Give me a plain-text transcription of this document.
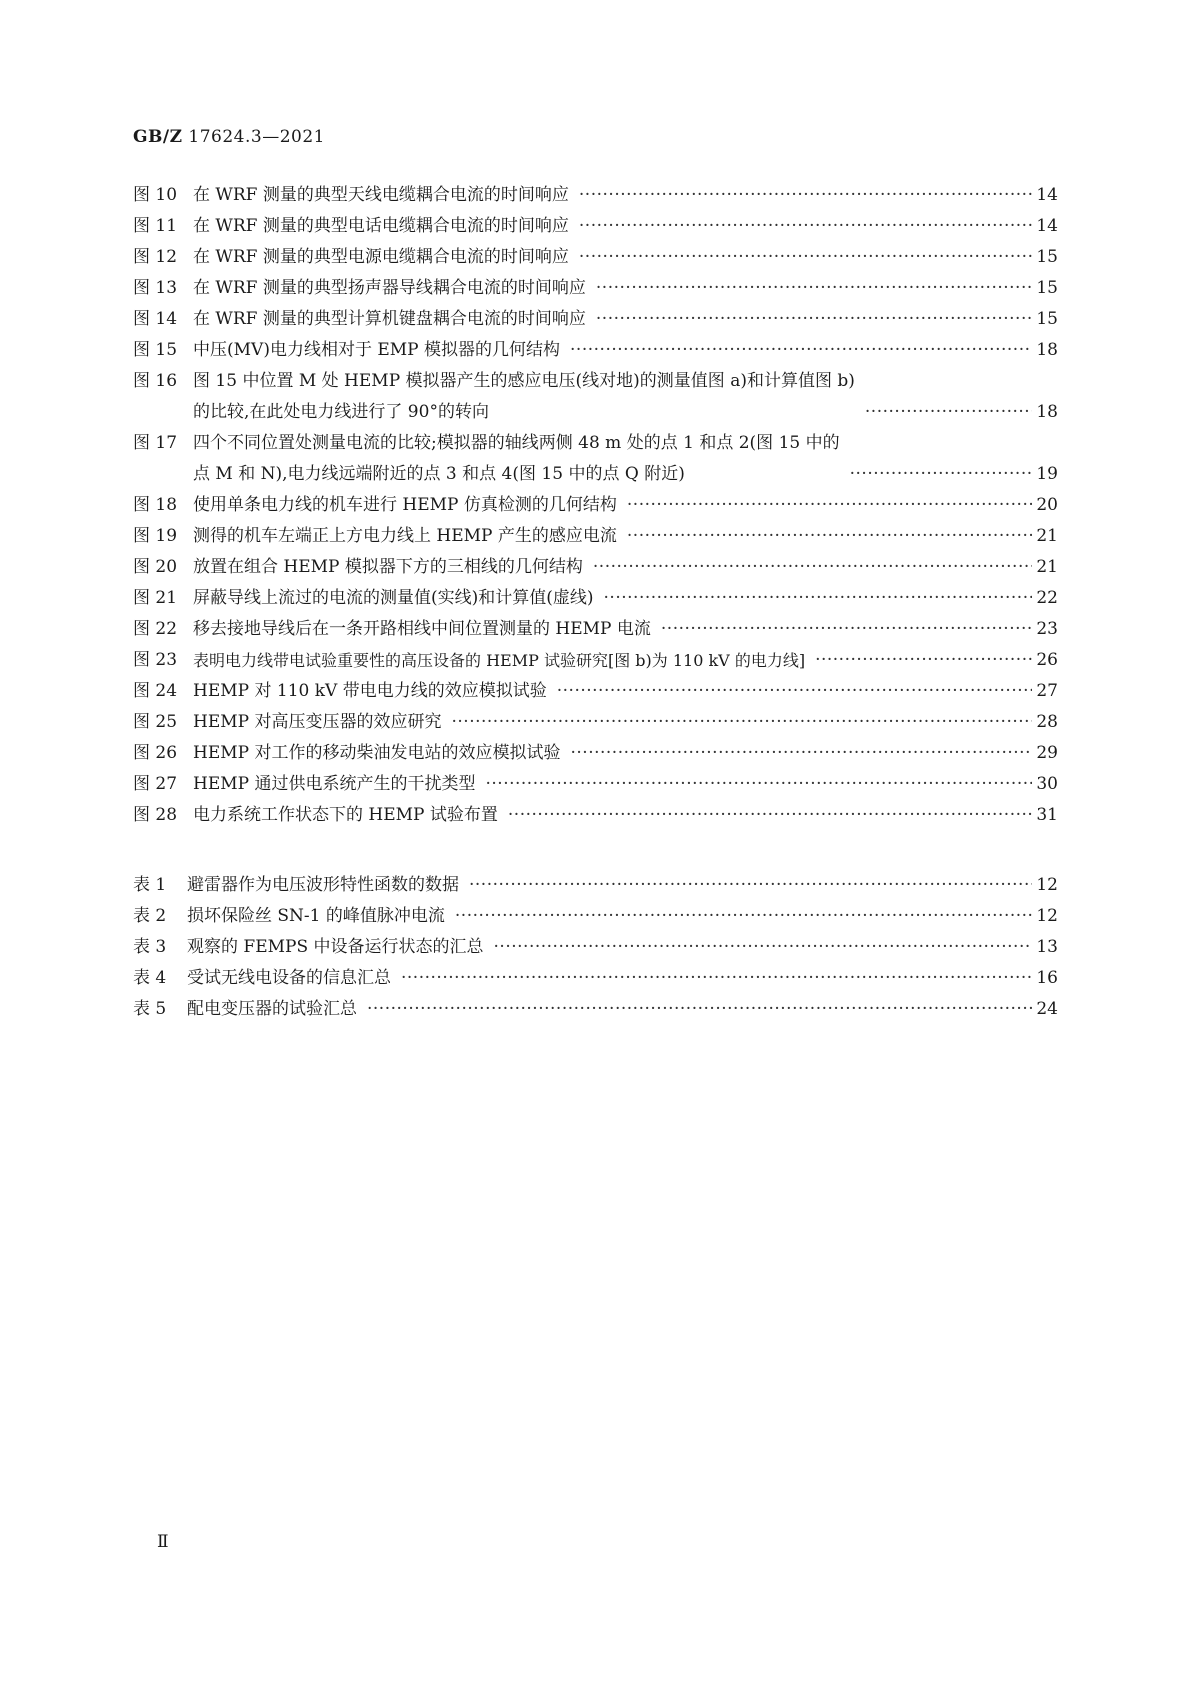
GB/Z 17624.3—2021
图 10 在 WRF 测量的典型天线电缆耦合电流的时间响应 ·····	14
图 11 在 WRF 测量的典型电话电缆耦合电流的时间响应 ·····	14
图 12 在 WRF 测量的典型电源电缆耦合电流的时间响应 ·····	15
图 13 在 WRF 测量的典型扬声器导线耦合电流的时间响应 ·····	15
图 14 在 WRF 测量的典型计算机键盘耦合电流的时间响应 ·····	15
图 15 中压(MV)电力线相对于 EMP 模拟器的几何结构 ·····	18
图 16 图 15 中位置 M 处 HEMP 模拟器产生的感应电压(线对地)的测量值图 a)和计算值图 b)
的比较,在此处电力线进行了 90°的转向 ·····	18
图 17 四个不同位置处测量电流的比较;模拟器的轴线两侧 48 m 处的点 1 和点 2(图 15 中的
点 M 和 N),电力线远端附近的点 3 和点 4(图 15 中的点 Q 附近) ·····	19
图 18 使用单条电力线的机车进行 HEMP 仿真检测的几何结构 ·····	20
图 19 测得的机车左端正上方电力线上 HEMP 产生的感应电流 ·····	21
图 20 放置在组合 HEMP 模拟器下方的三相线的几何结构 ·····	21
图 21 屏蔽导线上流过的电流的测量值(实线)和计算值(虚线) ·····	22
图 22 移去接地导线后在一条开路相线中间位置测量的 HEMP 电流 ·····	23
图 23 表明电力线带电试验重要性的高压设备的 HEMP 试验研究[图 b)为 110 kV 的电力线] ·····	26
图 24 HEMP 对 110 kV 带电电力线的效应模拟试验 ·····	27
图 25 HEMP 对高压变压器的效应研究 ·····	28
图 26 HEMP 对工作的移动柴油发电站的效应模拟试验 ·····	29
图 27 HEMP 通过供电系统产生的干扰类型 ·····	30
图 28 电力系统工作状态下的 HEMP 试验布置 ·····	31
表 1	避雷器作为电压波形特性函数的数据 ·····	12
表 2	损坏保险丝 SN-1 的峰值脉冲电流 ·····	12
表 3	观察的 FEMPS 中设备运行状态的汇总 ·····	13
表 4	受试无线电设备的信息汇总 ·····	16
表 5	配电变压器的试验汇总 ·····	24
Ⅱ
